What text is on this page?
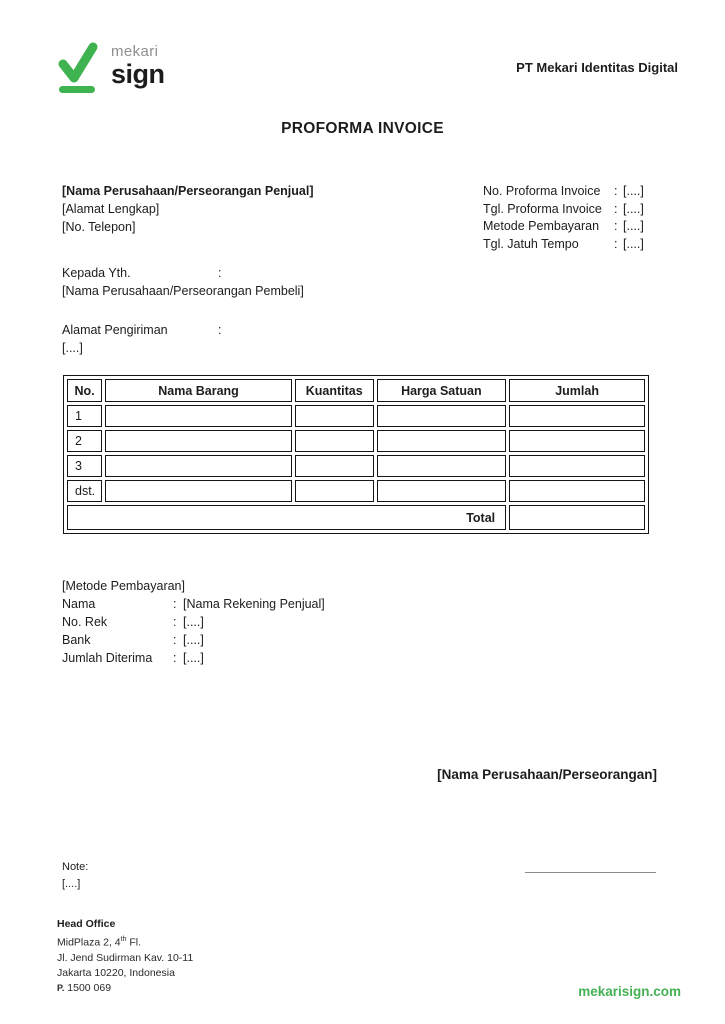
mekari
sign	PT Mekari Identitas Digital
PROFORMA INVOICE
[Nama Perusahaan/Perseorangan Penjual]
[Alamat Lengkap]
[No. Telepon]
No. Proforma Invoice	: [....]
Tgl. Proforma Invoice : [....]
Metode Pembayaran	: [....]
Tgl. Jatuh Tempo	: [....]
Kepada Yth.	:
[Nama Perusahaan/Perseorangan Pembeli]
Alamat Pengiriman	:
[....]
No.	Nama Barang	Kuantitas	Harga Satuan	Jumlah
1				
2				
3				
dst.				
Total				
[Metode Pembayaran]
Nama	: [Nama Rekening Penjual]
No. Rek	: [....]
Bank	: [....]
Jumlah Diterima	: [....]
[Nama Perusahaan/Perseorangan]
Note:
[....]
Head Office
MidPlaza 2, 4th Fl.
Jl. Jend Sudirman Kav. 10-11
Jakarta 10220, Indonesia
P. 1500 069	mekarisign.com
